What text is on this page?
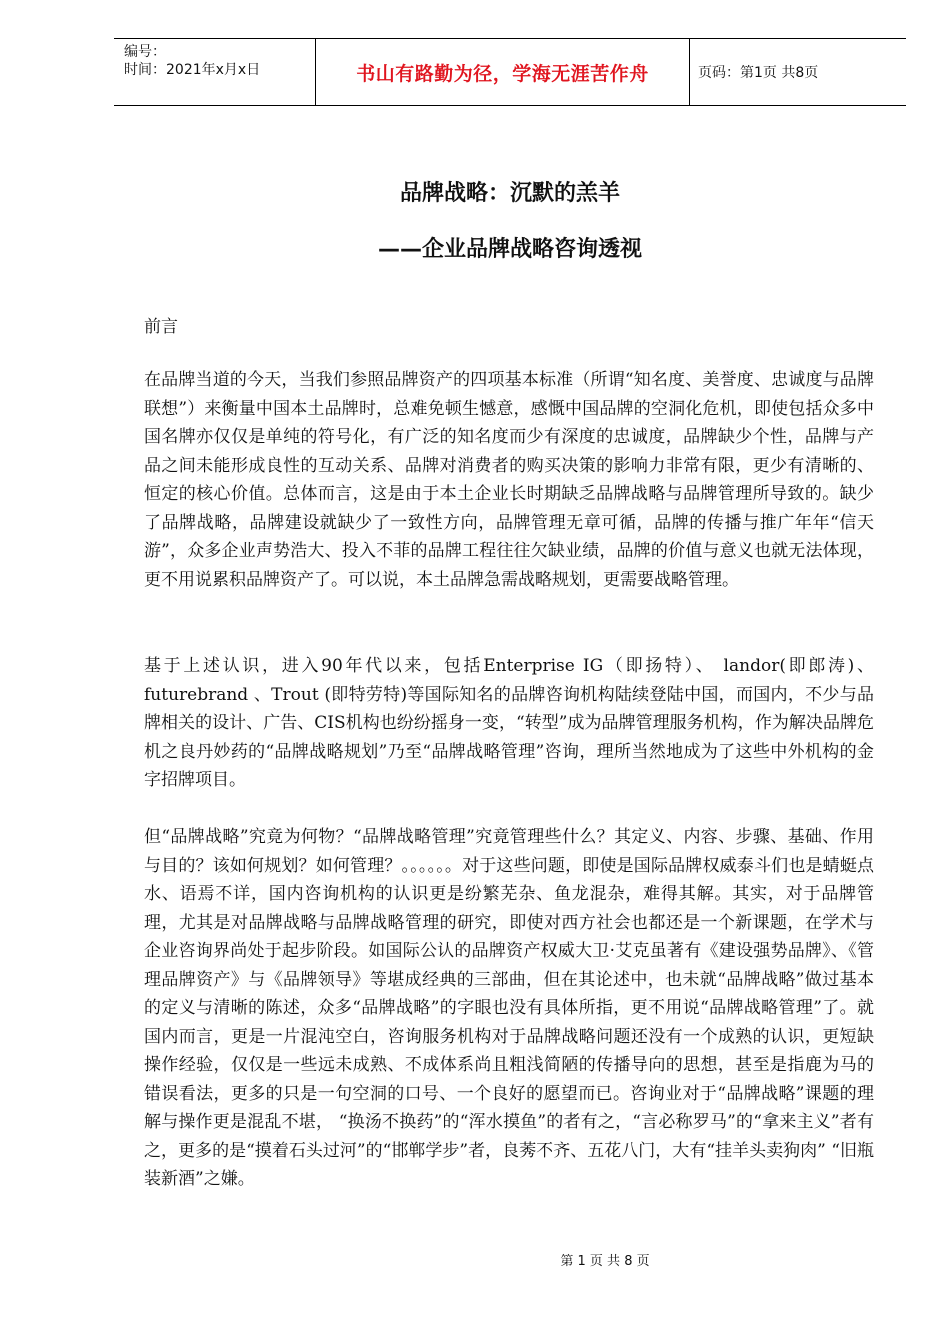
编号：
时间：2021年x月x日	书山有路勤为径，学海无涯苦作舟	页码：第1页 共8页
品牌战略：沉默的羔羊
——企业品牌战略咨询透视
前言

在品牌当道的今天，当我们参照品牌资产的四项基本标准（所谓“知名度、美誉度、忠诚度与品牌联想”）来衡量中国本土品牌时，总难免顿生憾意，感慨中国品牌的空洞化危机，即使包括众多中国名牌亦仅仅是单纯的符号化，有广泛的知名度而少有深度的忠诚度，品牌缺少个性，品牌与产品之间未能形成良性的互动关系、品牌对消费者的购买决策的影响力非常有限，更少有清晰的、恒定的核心价值。总体而言，这是由于本土企业长时期缺乏品牌战略与品牌管理所导致的。缺少了品牌战略，品牌建设就缺少了一致性方向，品牌管理无章可循，品牌的传播与推广年年“信天游”，众多企业声势浩大、投入不菲的品牌工程往往欠缺业绩，品牌的价值与意义也就无法体现，更不用说累积品牌资产了。可以说，本土品牌急需战略规划，更需要战略管理。

基于上述认识，进入90年代以来，包括Enterprise IG（即扬特）、 landor(即郎涛)、futurebrand 、Trout (即特劳特)等国际知名的品牌咨询机构陆续登陆中国，而国内，不少与品牌相关的设计、广告、CIS机构也纷纷摇身一变，“转型”成为品牌管理服务机构，作为解决品牌危机之良丹妙药的“品牌战略规划”乃至“品牌战略管理”咨询，理所当然地成为了这些中外机构的金字招牌项目。

但“品牌战略”究竟为何物？“品牌战略管理”究竟管理些什么？其定义、内容、步骤、基础、作用与目的？该如何规划？如何管理？。。。。。。对于这些问题，即使是国际品牌权威泰斗们也是蜻蜓点水、语焉不详，国内咨询机构的认识更是纷繁芜杂、鱼龙混杂，难得其解。其实，对于品牌管理，尤其是对品牌战略与品牌战略管理的研究，即使对西方社会也都还是一个新课题，在学术与企业咨询界尚处于起步阶段。如国际公认的品牌资产权威大卫·艾克虽著有《建设强势品牌》、《管理品牌资产》与《品牌领导》等堪成经典的三部曲，但在其论述中，也未就“品牌战略”做过基本的定义与清晰的陈述，众多“品牌战略”的字眼也没有具体所指，更不用说“品牌战略管理”了。就国内而言，更是一片混沌空白，咨询服务机构对于品牌战略问题还没有一个成熟的认识，更短缺操作经验，仅仅是一些远未成熟、不成体系尚且粗浅简陋的传播导向的思想，甚至是指鹿为马的错误看法，更多的只是一句空洞的口号、一个良好的愿望而已。咨询业对于“品牌战略”课题的理解与操作更是混乱不堪， “换汤不换药”的“浑水摸鱼”的者有之，“言必称罗马”的“拿来主义”者有之，更多的是“摸着石头过河”的“邯郸学步”者，良莠不齐、五花八门，大有“挂羊头卖狗肉” “旧瓶装新酒”之嫌。

第 1 页 共 8 页
